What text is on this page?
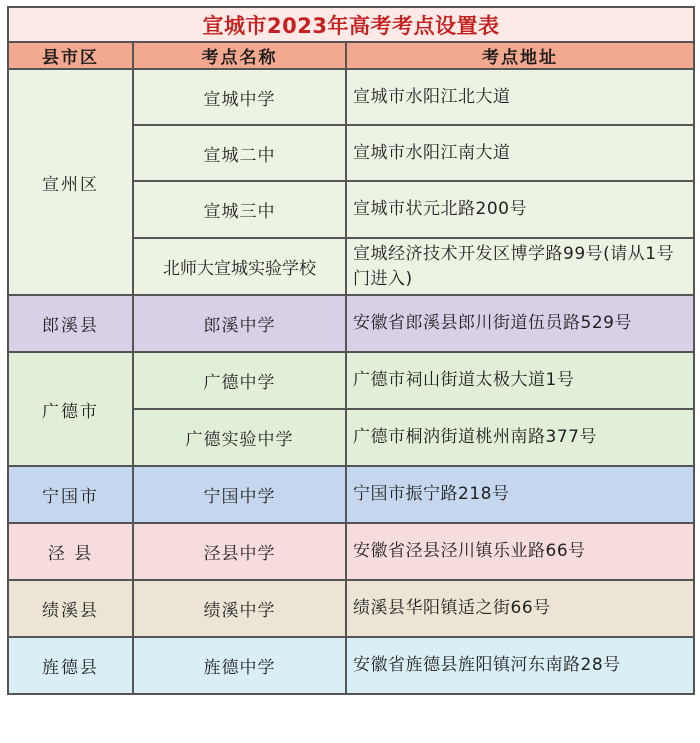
宣城市2023年高考考点设置表		
县市区	考点名称	考点地址
宣州区	宣城中学	宣城市水阳江北大道
	宣城二中	宣城市水阳江南大道
	宣城三中	宣城市状元北路200号
	北师大宣城实验学校	宣城经济技术开发区博学路99号(请从1号门进入)
郎溪县	郎溪中学	安徽省郎溪县郎川街道伍员路529号
广德市	广德中学	广德市祠山街道太极大道1号
	广德实验中学	广德市桐汭街道桃州南路377号
宁国市	宁国中学	宁国市振宁路218号
泾 县	泾县中学	安徽省泾县泾川镇乐业路66号
绩溪县	绩溪中学	绩溪县华阳镇适之街66号
旌德县	旌德中学	安徽省旌德县旌阳镇河东南路28号
